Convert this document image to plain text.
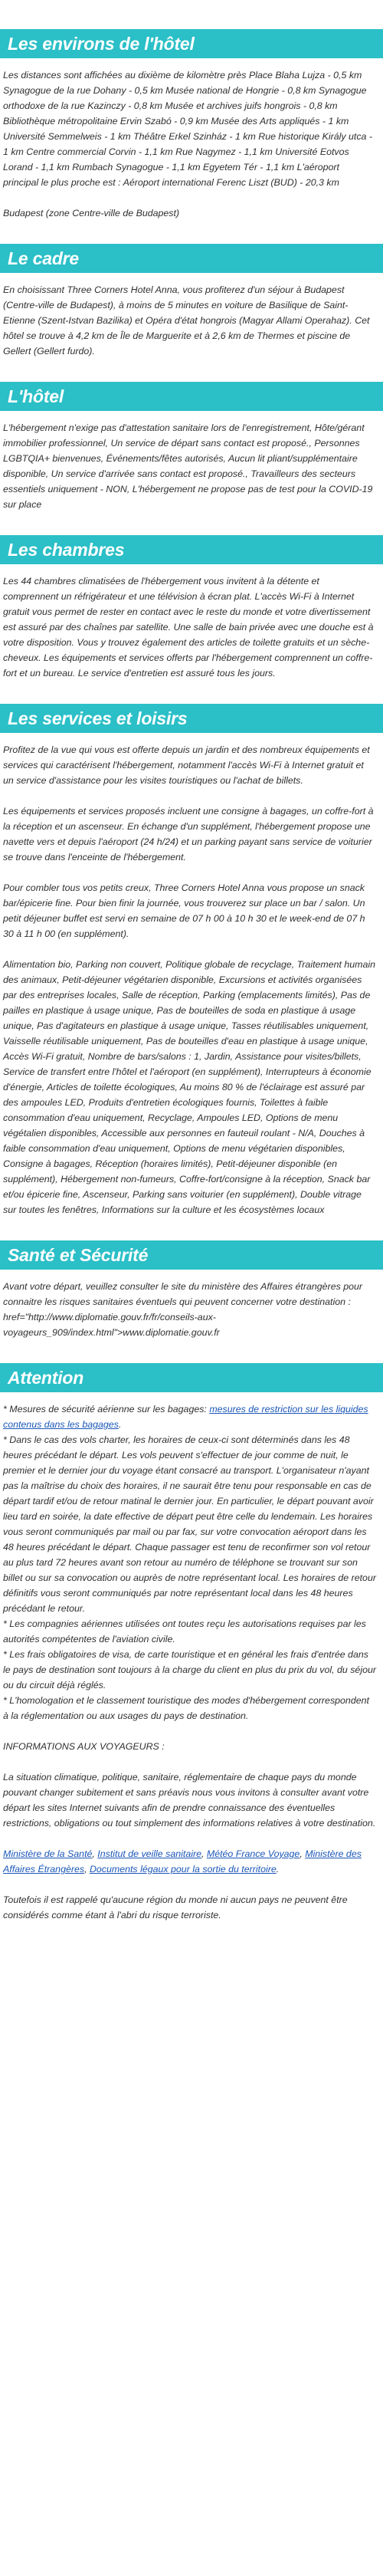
Les environs de l'hôtel

Les distances sont affichées au dixième de kilomètre près Place Blaha Lujza - 0,5 km Synagogue de la rue Dohany - 0,5 km Musée national de Hongrie - 0,8 km Synagogue orthodoxe de la rue Kazinczy - 0,8 km Musée et archives juifs hongrois - 0,8 km Bibliothèque métropolitaine Ervin Szabó - 0,9 km Musée des Arts appliqués - 1 km Université Semmelweis - 1 km Théâtre Erkel Szinház - 1 km Rue historique Király utca - 1 km Centre commercial Corvin - 1,1 km Rue Nagymez - 1,1 km Université Eotvos Lorand - 1,1 km Rumbach Synagogue - 1,1 km Egyetem Tér - 1,1 km L'aéroport principal le plus proche est : Aéroport international Ferenc Liszt (BUD) - 20,3 km

Budapest (zone Centre-ville de Budapest)

Le cadre

En choisissant Three Corners Hotel Anna, vous profiterez d'un séjour à Budapest (Centre-ville de Budapest), à moins de 5 minutes en voiture de Basilique de Saint-Etienne (Szent-Istvan Bazilika) et Opéra d'état hongrois (Magyar Allami Operahaz). Cet hôtel se trouve à 4,2 km de Île de Marguerite et à 2,6 km de Thermes et piscine de Gellert (Gellert furdo).

L'hôtel

L'hébergement n'exige pas d'attestation sanitaire lors de l'enregistrement, Hôte/gérant immobilier professionnel, Un service de départ sans contact est proposé., Personnes LGBTQIA+ bienvenues, Événements/fêtes autorisés, Aucun lit pliant/supplémentaire disponible, Un service d'arrivée sans contact est proposé., Travailleurs des secteurs essentiels uniquement - NON, L'hébergement ne propose pas de test pour la COVID-19 sur place

Les chambres

Les 44 chambres climatisées de l'hébergement vous invitent à la détente et comprennent un réfrigérateur et une télévision à écran plat. L'accès Wi-Fi à Internet gratuit vous permet de rester en contact avec le reste du monde et votre divertissement est assuré par des chaînes par satellite. Une salle de bain privée avec une douche est à votre disposition. Vous y trouvez également des articles de toilette gratuits et un sèche-cheveux. Les équipements et services offerts par l'hébergement comprennent un coffre-fort et un bureau. Le service d'entretien est assuré tous les jours.

Les services et loisirs

Profitez de la vue qui vous est offerte depuis un jardin et des nombreux équipements et services qui caractérisent l'hébergement, notamment l'accès Wi-Fi à Internet gratuit et un service d'assistance pour les visites touristiques ou l'achat de billets.

Les équipements et services proposés incluent une consigne à bagages, un coffre-fort à la réception et un ascenseur. En échange d'un supplément, l'hébergement propose une navette vers et depuis l'aéroport (24 h/24) et un parking payant sans service de voiturier se trouve dans l'enceinte de l'hébergement.

Pour combler tous vos petits creux, Three Corners Hotel Anna vous propose un snack bar/épicerie fine. Pour bien finir la journée, vous trouverez sur place un bar / salon. Un petit déjeuner buffet est servi en semaine de 07 h 00 à 10 h 30 et le week-end de 07 h 30 à 11 h 00 (en supplément).

Alimentation bio, Parking non couvert, Politique globale de recyclage, Traitement humain des animaux, Petit-déjeuner végétarien disponible, Excursions et activités organisées par des entreprises locales, Salle de réception, Parking (emplacements limités), Pas de pailles en plastique à usage unique, Pas de bouteilles de soda en plastique à usage unique, Pas d'agitateurs en plastique à usage unique, Tasses réutilisables uniquement, Vaisselle réutilisable uniquement, Pas de bouteilles d'eau en plastique à usage unique, Accès Wi-Fi gratuit, Nombre de bars/salons : 1, Jardin, Assistance pour visites/billets, Service de transfert entre l'hôtel et l'aéroport (en supplément), Interrupteurs à économie d'énergie, Articles de toilette écologiques, Au moins 80 % de l'éclairage est assuré par des ampoules LED, Produits d'entretien écologiques fournis, Toilettes à faible consommation d'eau uniquement, Recyclage, Ampoules LED, Options de menu végétalien disponibles, Accessible aux personnes en fauteuil roulant - N/A, Douches à faible consommation d'eau uniquement, Options de menu végétarien disponibles, Consigne à bagages, Réception (horaires limités), Petit-déjeuner disponible (en supplément), Hébergement non-fumeurs, Coffre-fort/consigne à la réception, Snack bar et/ou épicerie fine, Ascenseur, Parking sans voiturier (en supplément), Double vitrage sur toutes les fenêtres, Informations sur la culture et les écosystèmes locaux

Santé et Sécurité

Avant votre départ, veuillez consulter le site du ministère des Affaires étrangères pour connaitre les risques sanitaires éventuels qui peuvent concerner votre destination : href="http://www.diplomatie.gouv.fr/fr/conseils-aux-voyageurs_909/index.html">www.diplomatie.gouv.fr

Attention

* Mesures de sécurité aérienne sur les bagages: mesures de restriction sur les liquides contenus dans les bagages.
* Dans le cas des vols charter, les horaires de ceux-ci sont déterminés dans les 48 heures précédant le départ. Les vols peuvent s'effectuer de jour comme de nuit, le premier et le dernier jour du voyage étant consacré au transport. L'organisateur n'ayant pas la maîtrise du choix des horaires, il ne saurait être tenu pour responsable en cas de départ tardif et/ou de retour matinal le dernier jour. En particulier, le départ pouvant avoir lieu tard en soirée, la date effective de départ peut être celle du lendemain. Les horaires vous seront communiqués par mail ou par fax, sur votre convocation aéroport dans les 48 heures précédant le départ. Chaque passager est tenu de reconfirmer son vol retour au plus tard 72 heures avant son retour au numéro de téléphone se trouvant sur son billet ou sur sa convocation ou auprès de notre représentant local. Les horaires de retour définitifs vous seront communiqués par notre représentant local dans les 48 heures précédant le retour.
* Les compagnies aériennes utilisées ont toutes reçu les autorisations requises par les autorités compétentes de l'aviation civile.
* Les frais obligatoires de visa, de carte touristique et en général les frais d'entrée dans le pays de destination sont toujours à la charge du client en plus du prix du vol, du séjour ou du circuit déjà réglés.
* L'homologation et le classement touristique des modes d'hébergement correspondent à la réglementation ou aux usages du pays de destination.

INFORMATIONS AUX VOYAGEURS :

La situation climatique, politique, sanitaire, réglementaire de chaque pays du monde pouvant changer subitement et sans préavis nous vous invitons à consulter avant votre départ les sites Internet suivants afin de prendre connaissance des éventuelles restrictions, obligations ou tout simplement des informations relatives à votre destination.

Ministère de la Santé, Institut de veille sanitaire, Météo France Voyage, Ministère des Affaires Étrangères, Documents légaux pour la sortie du territoire.

Toutefois il est rappelé qu'aucune région du monde ni aucun pays ne peuvent être considérés comme étant à l'abri du risque terroriste.
